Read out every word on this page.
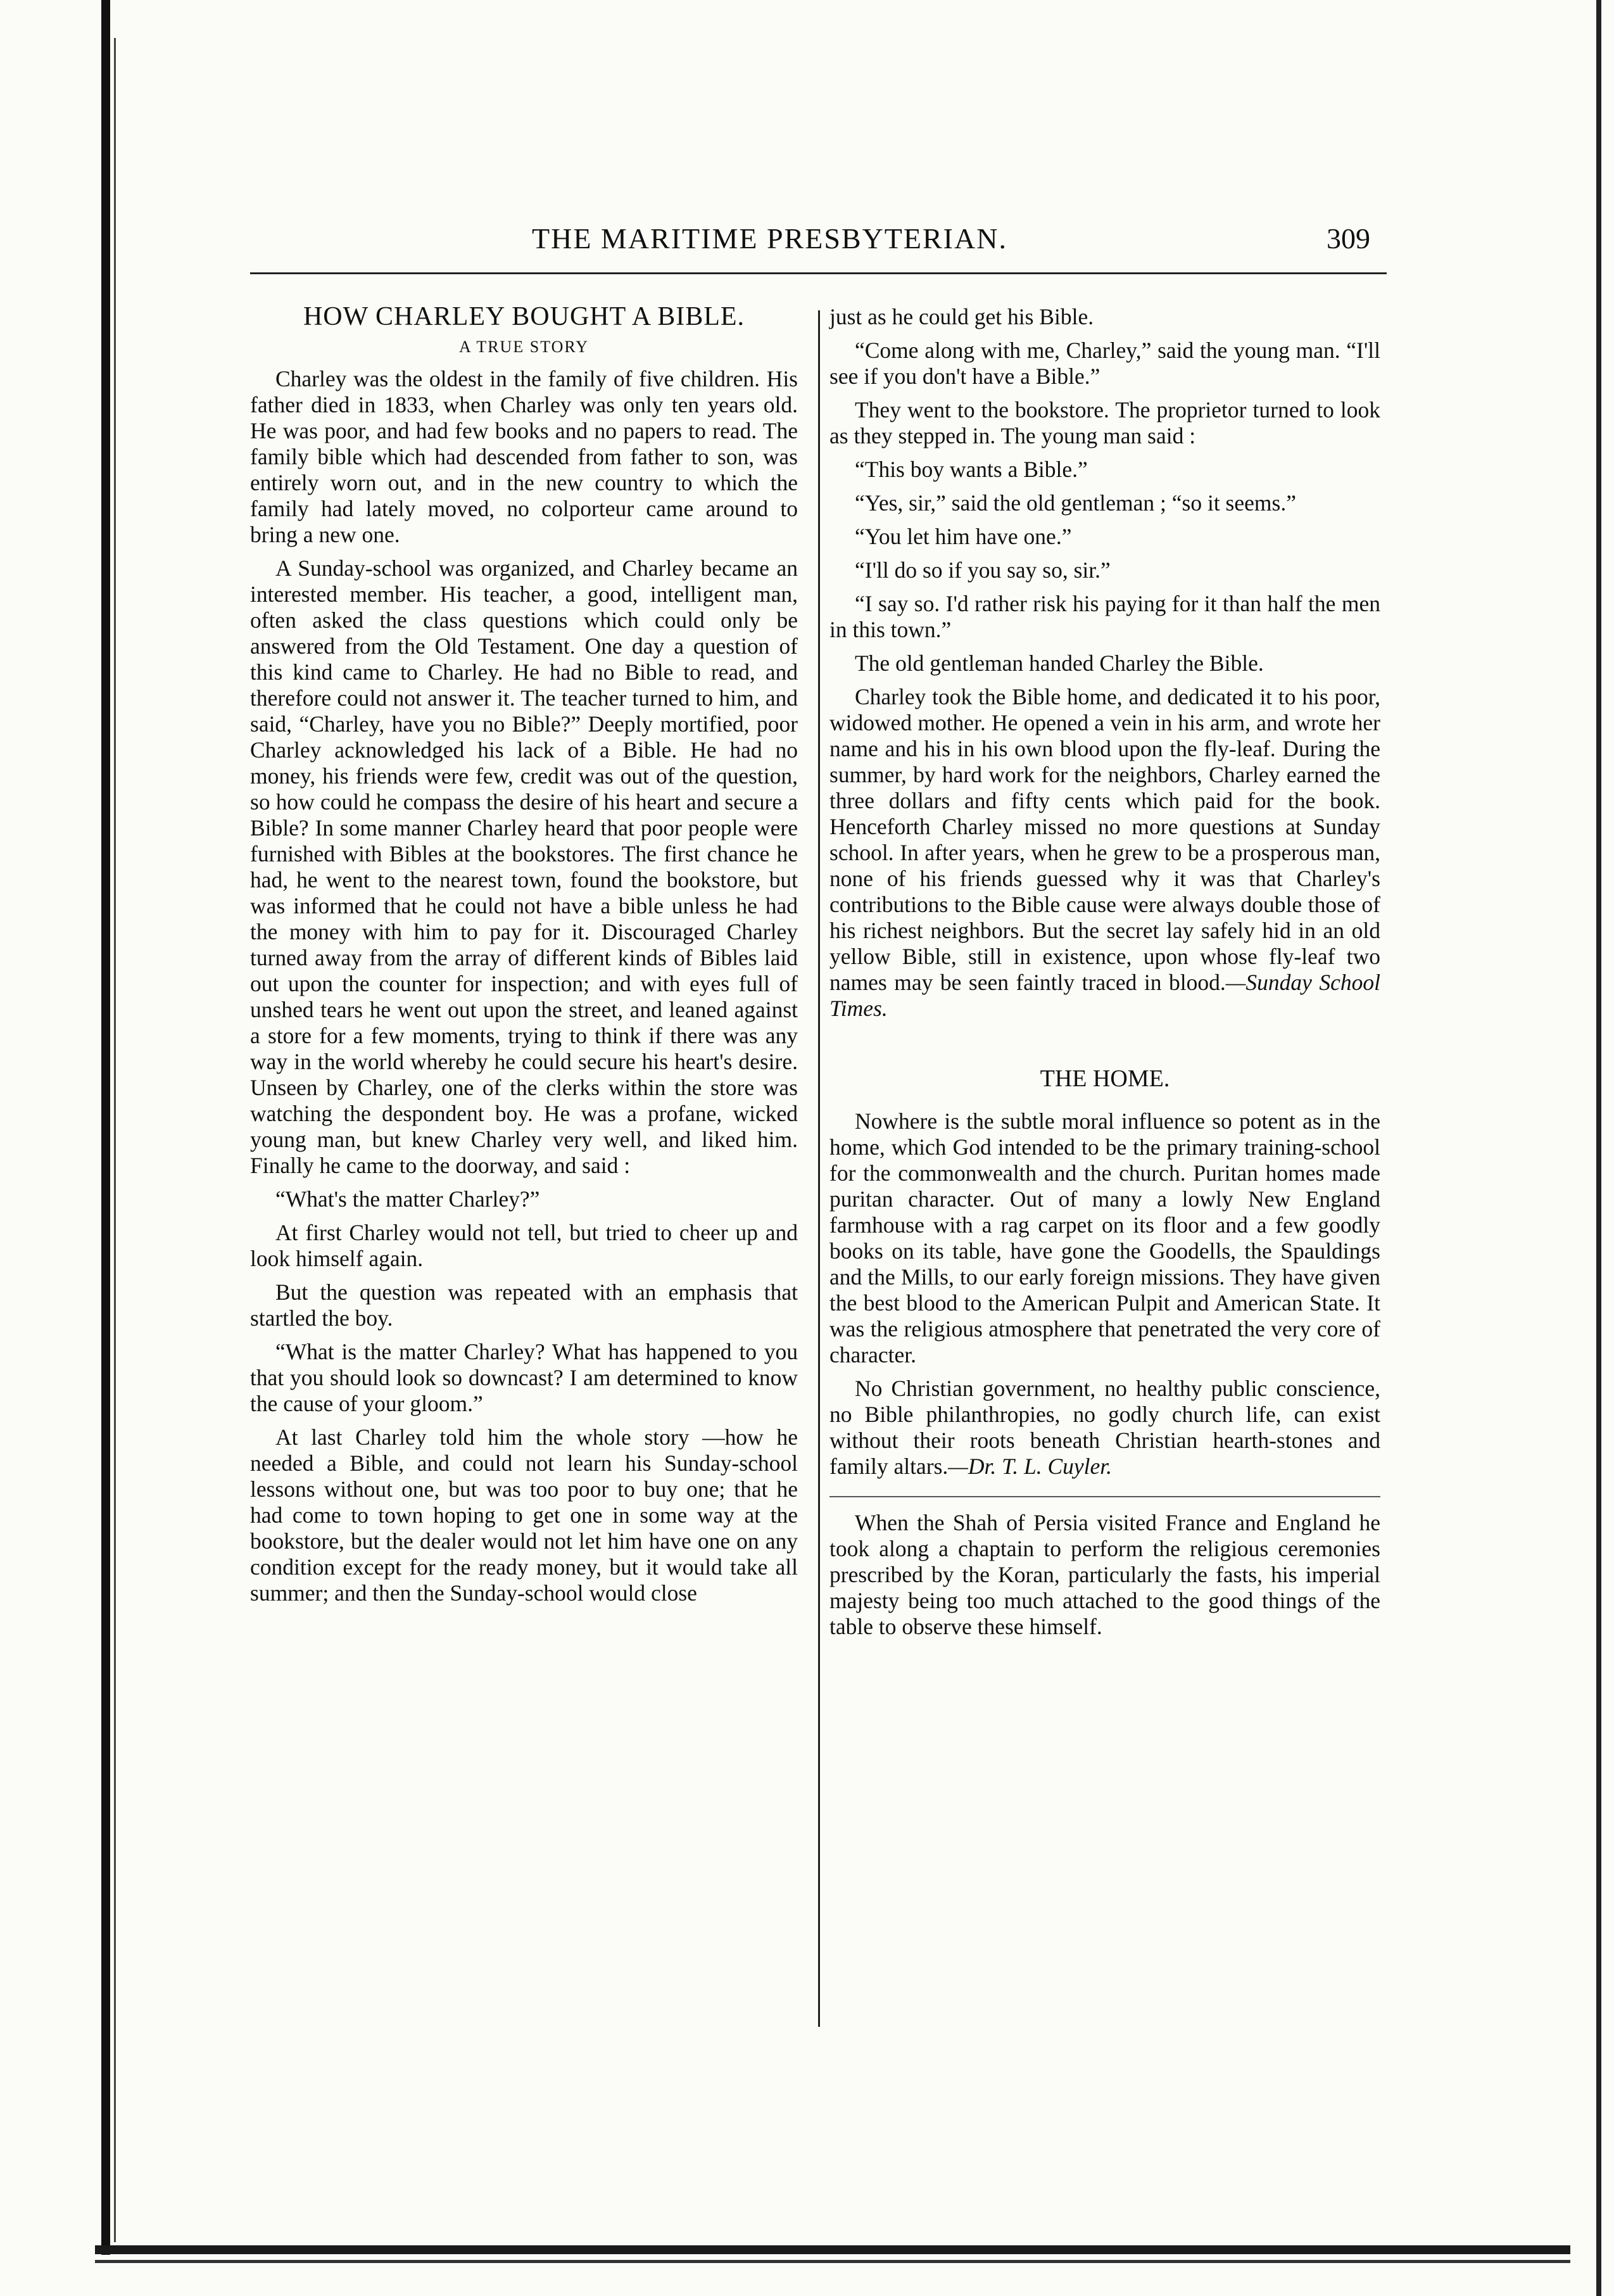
THE MARITIME PRESBYTERIAN.	309
HOW CHARLEY BOUGHT A BIBLE.
A TRUE STORY

Charley was the oldest in the family of five children. His father died in 1833, when Charley was only ten years old. He was poor, and had few books and no papers to read. The family bible which had descended from father to son, was entirely worn out, and in the new country to which the family had lately moved, no colporteur came around to bring a new one.

A Sunday-school was organized, and Charley became an interested member. His teacher, a good, intelligent man, often asked the class questions which could only be answered from the Old Testament. One day a question of this kind came to Charley. He had no Bible to read, and therefore could not answer it. The teacher turned to him, and said, “Charley, have you no Bible?” Deeply mortified, poor Charley acknowledged his lack of a Bible. He had no money, his friends were few, credit was out of the question, so how could he compass the desire of his heart and secure a Bible? In some manner Charley heard that poor people were furnished with Bibles at the bookstores. The first chance he had, he went to the nearest town, found the bookstore, but was informed that he could not have a bible unless he had the money with him to pay for it. Discouraged Charley turned away from the array of different kinds of Bibles laid out upon the counter for inspection; and with eyes full of unshed tears he went out upon the street, and leaned against a store for a few moments, trying to think if there was any way in the world whereby he could secure his heart's desire. Unseen by Charley, one of the clerks within the store was watching the despondent boy. He was a profane, wicked young man, but knew Charley very well, and liked him. Finally he came to the doorway, and said :

“What's the matter Charley?”

At first Charley would not tell, but tried to cheer up and look himself again.

But the question was repeated with an emphasis that startled the boy.

“What is the matter Charley? What has happened to you that you should look so downcast? I am determined to know the cause of your gloom.”

At last Charley told him the whole story —how he needed a Bible, and could not learn his Sunday-school lessons without one, but was too poor to buy one; that he had come to town hoping to get one in some way at the bookstore, but the dealer would not let him have one on any condition except for the ready money, but it would take all summer; and then the Sunday-school would close

just as he could get his Bible.

“Come along with me, Charley,” said the young man. “I'll see if you don't have a Bible.”

They went to the bookstore. The proprietor turned to look as they stepped in. The young man said :

“This boy wants a Bible.”

“Yes, sir,” said the old gentleman ; “so it seems.”

“You let him have one.”

“I'll do so if you say so, sir.”

“I say so. I'd rather risk his paying for it than half the men in this town.”

The old gentleman handed Charley the Bible.

Charley took the Bible home, and dedicated it to his poor, widowed mother. He opened a vein in his arm, and wrote her name and his in his own blood upon the fly-leaf. During the summer, by hard work for the neighbors, Charley earned the three dollars and fifty cents which paid for the book. Henceforth Charley missed no more questions at Sunday school. In after years, when he grew to be a prosperous man, none of his friends guessed why it was that Charley's contributions to the Bible cause were always double those of his richest neighbors. But the secret lay safely hid in an old yellow Bible, still in existence, upon whose fly-leaf two names may be seen faintly traced in blood.—Sunday School Times.

THE HOME.

Nowhere is the subtle moral influence so potent as in the home, which God intended to be the primary training-school for the commonwealth and the church. Puritan homes made puritan character. Out of many a lowly New England farmhouse with a rag carpet on its floor and a few goodly books on its table, have gone the Goodells, the Spauldings and the Mills, to our early foreign missions. They have given the best blood to the American Pulpit and American State. It was the religious atmosphere that penetrated the very core of character.

No Christian government, no healthy public conscience, no Bible philanthropies, no godly church life, can exist without their roots beneath Christian hearth-stones and family altars.—Dr. T. L. Cuyler.

When the Shah of Persia visited France and England he took along a chaptain to perform the religious ceremonies prescribed by the Koran, particularly the fasts, his imperial majesty being too much attached to the good things of the table to observe these himself.
